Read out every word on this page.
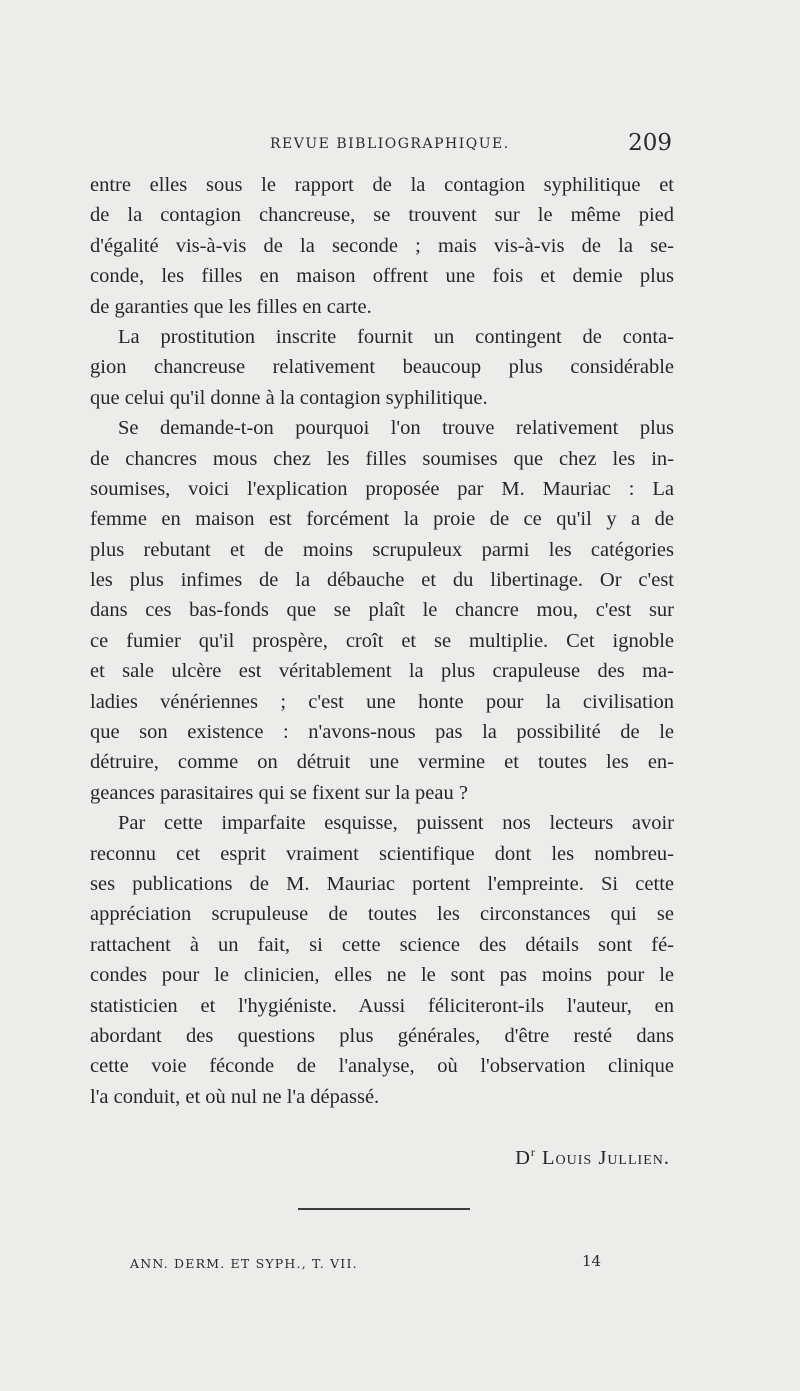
REVUE BIBLIOGRAPHIQUE.	209
entre elles sous le rapport de la contagion syphilitique et
de la contagion chancreuse, se trouvent sur le même pied
d'égalité vis-à-vis de la seconde ; mais vis-à-vis de la se-
conde, les filles en maison offrent une fois et demie plus
de garanties que les filles en carte.
La prostitution inscrite fournit un contingent de conta-
gion chancreuse relativement beaucoup plus considérable
que celui qu'il donne à la contagion syphilitique.
Se demande-t-on pourquoi l'on trouve relativement plus
de chancres mous chez les filles soumises que chez les in-
soumises, voici l'explication proposée par M. Mauriac : La
femme en maison est forcément la proie de ce qu'il y a de
plus rebutant et de moins scrupuleux parmi les catégories
les plus infimes de la débauche et du libertinage. Or c'est
dans ces bas-fonds que se plaît le chancre mou, c'est sur
ce fumier qu'il prospère, croît et se multiplie. Cet ignoble
et sale ulcère est véritablement la plus crapuleuse des ma-
ladies vénériennes ; c'est une honte pour la civilisation
que son existence : n'avons-nous pas la possibilité de le
détruire, comme on détruit une vermine et toutes les en-
geances parasitaires qui se fixent sur la peau ?
Par cette imparfaite esquisse, puissent nos lecteurs avoir
reconnu cet esprit vraiment scientifique dont les nombreu-
ses publications de M. Mauriac portent l'empreinte. Si cette
appréciation scrupuleuse de toutes les circonstances qui se
rattachent à un fait, si cette science des détails sont fé-
condes pour le clinicien, elles ne le sont pas moins pour le
statisticien et l'hygiéniste. Aussi féliciteront-ils l'auteur, en
abordant des questions plus générales, d'être resté dans
cette voie féconde de l'analyse, où l'observation clinique
l'a conduit, et où nul ne l'a dépassé.
$D^r$ Louis Jullien.
ANN. DERM. ET SYPH., T. VII.	14
